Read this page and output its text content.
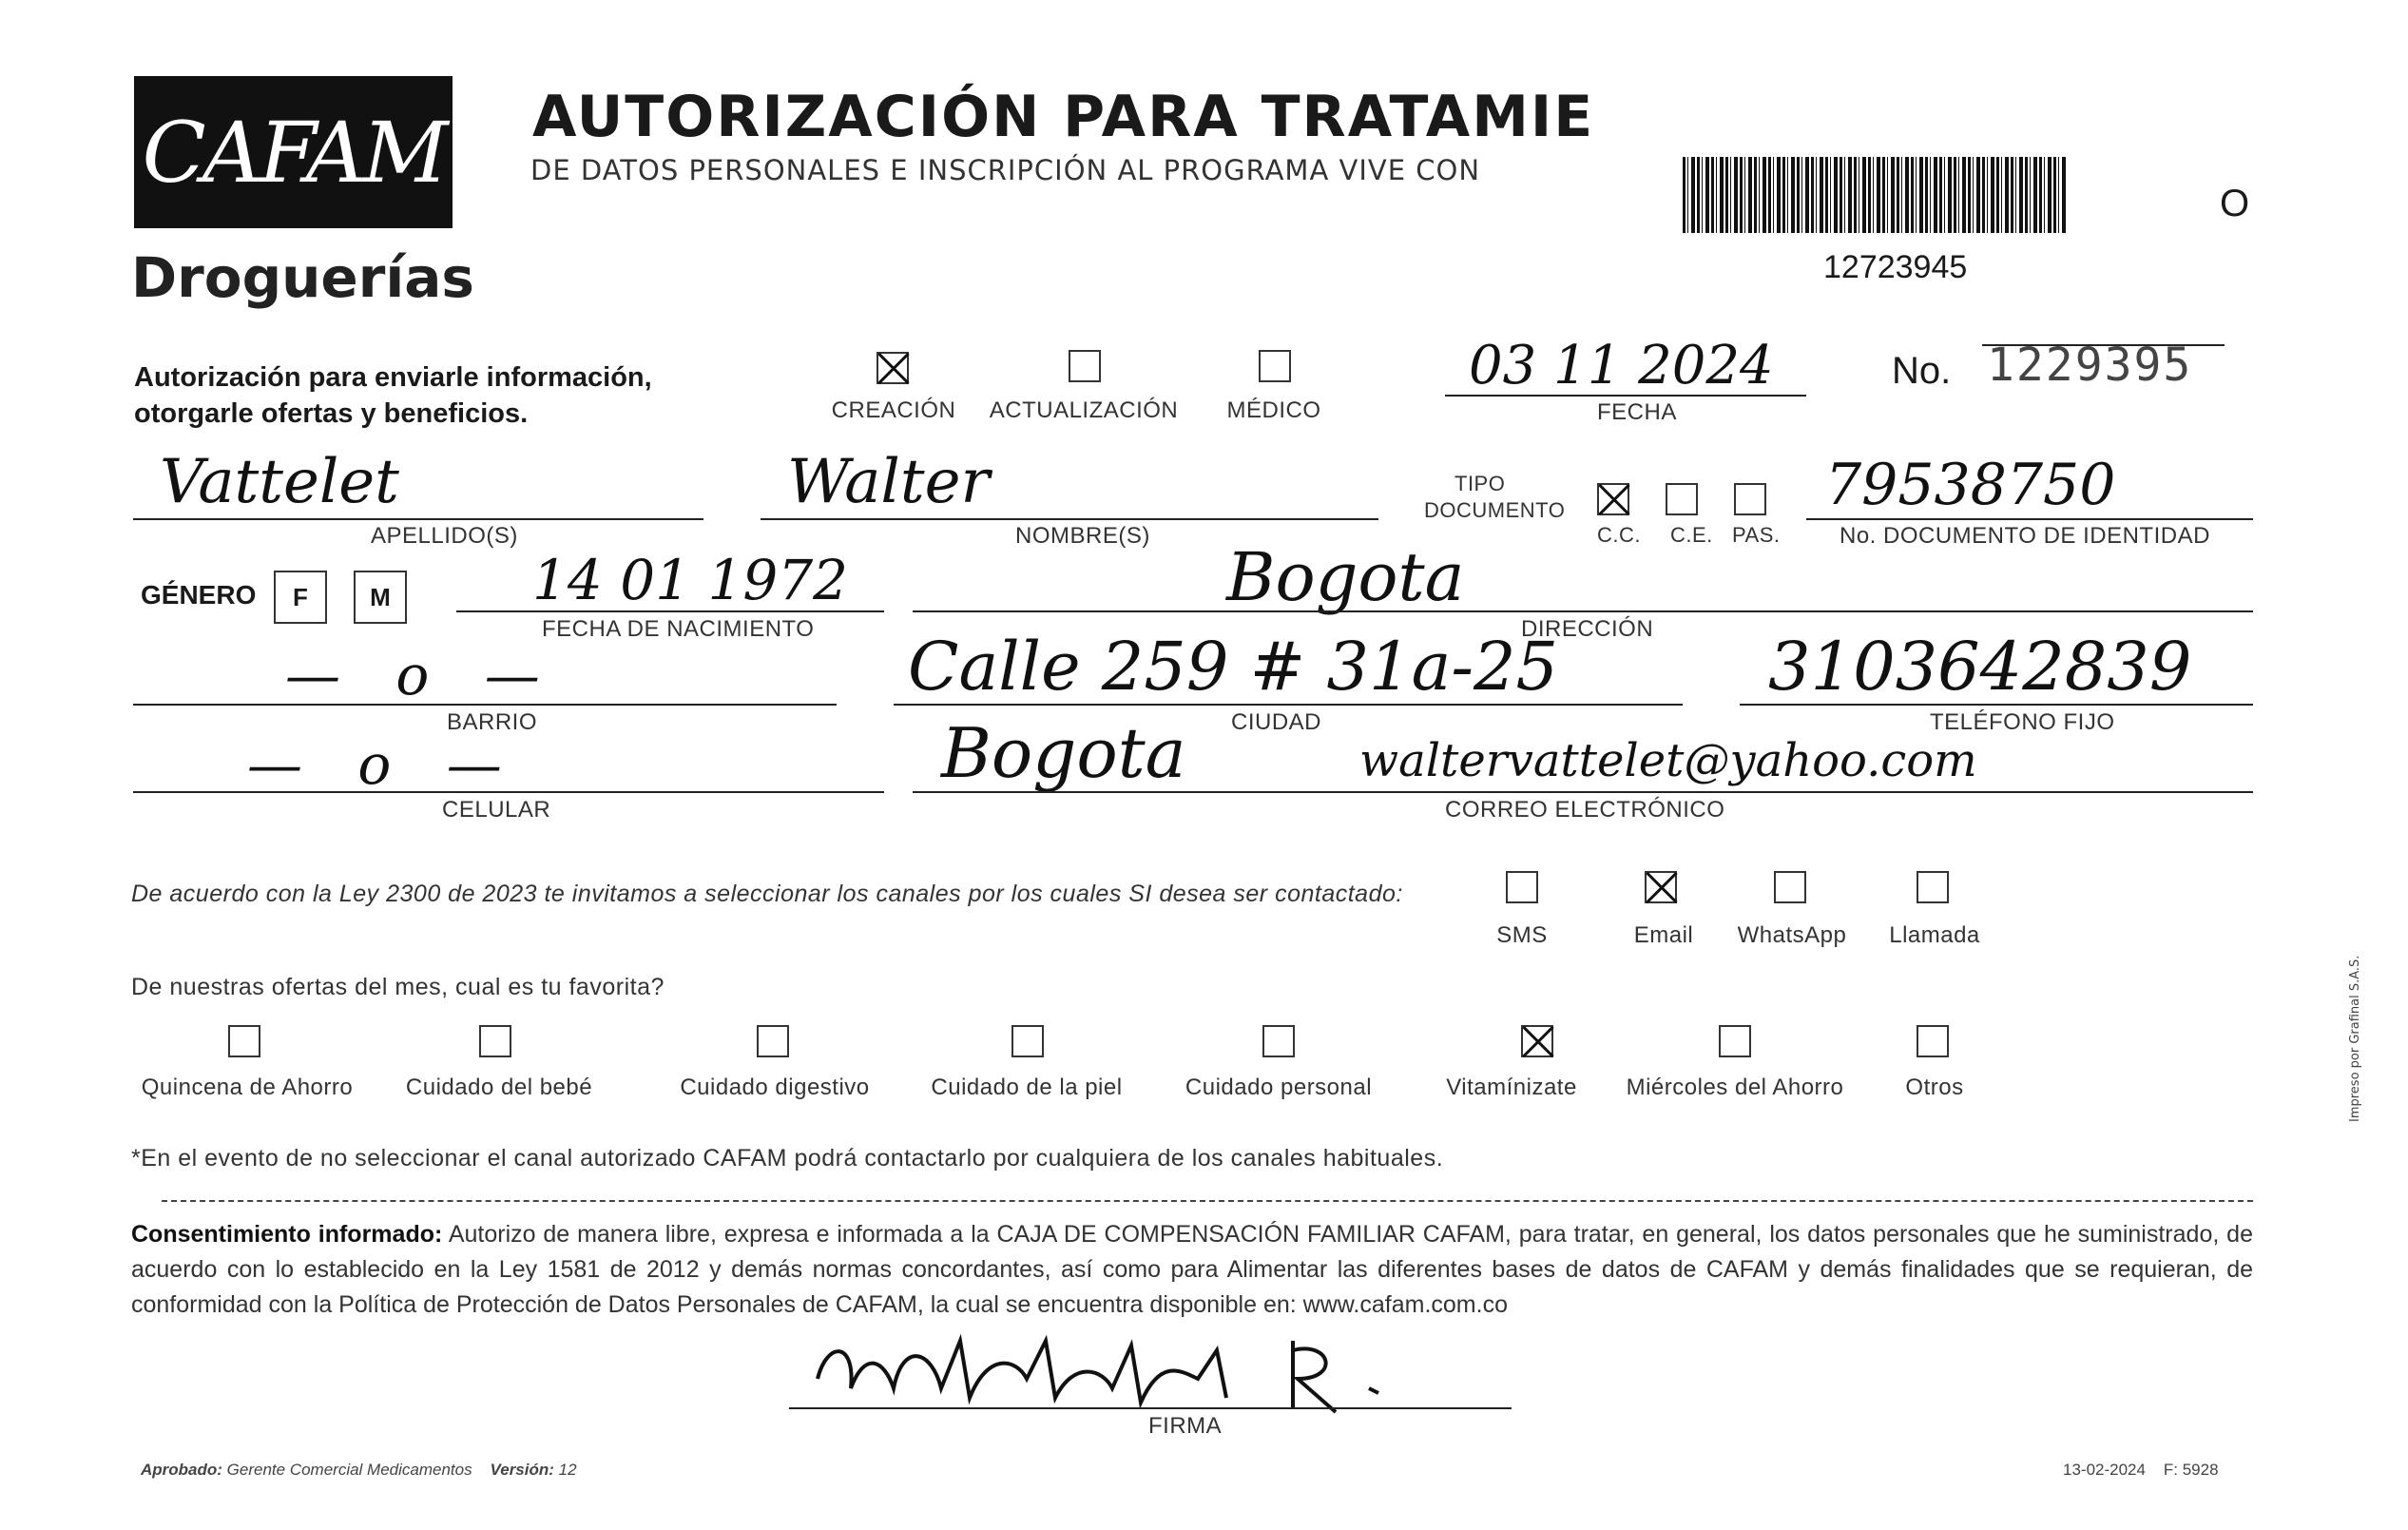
CAFAM
Droguerías
AUTORIZACIÓN PARA TRATAMIE
DE DATOS PERSONALES E INSCRIPCIÓN AL PROGRAMA VIVE CON
12723945
O
Autorización para enviarle información,
otorgarle ofertas y beneficios.	CREACIÓN	ACTUALIZACIÓN	MÉDICO
03 11 2024
FECHA
No. 1229395
Vattelet
APELLIDO(S)
Walter
NOMBRE(S)
TIPO
DOCUMENTO
C.C. C.E. PAS.
79538750
No. DOCUMENTO DE IDENTIDAD
GÉNERO	F	M	14 01 1972
FECHA DE NACIMIENTO
Bogota
DIRECCIÓN
— o —
BARRIO
Calle 259 # 31a-25
CIUDAD
3103642839
TELÉFONO FIJO
— o —
CELULAR
Bogota	waltervattelet@yahoo.com
CORREO ELECTRÓNICO
De acuerdo con la Ley 2300 de 2023 te invitamos a seleccionar los canales por los cuales SI desea ser contactado:
SMS	Email	WhatsApp	Llamada
De nuestras ofertas del mes, cual es tu favorita?
Quincena de Ahorro	Cuidado del bebé	Cuidado digestivo	Cuidado de la piel	Cuidado personal	Vitamínizate	Miércoles del Ahorro	Otros
*En el evento de no seleccionar el canal autorizado CAFAM podrá contactarlo por cualquiera de los canales habituales.
Consentimiento informado: Autorizo de manera libre, expresa e informada a la CAJA DE COMPENSACIÓN FAMILIAR CAFAM, para tratar, en general, los datos personales que he suministrado, de acuerdo con lo establecido en la Ley 1581 de 2012 y demás normas concordantes, así como para Alimentar las diferentes bases de datos de CAFAM y demás finalidades que se requieran, de conformidad con la Política de Protección de Datos Personales de CAFAM, la cual se encuentra disponible en: www.cafam.com.co
FIRMA
Aprobado: Gerente Comercial Medicamentos Versión: 12	13-02-2024 F: 5928
Impreso por Grafinal S.A.S.
